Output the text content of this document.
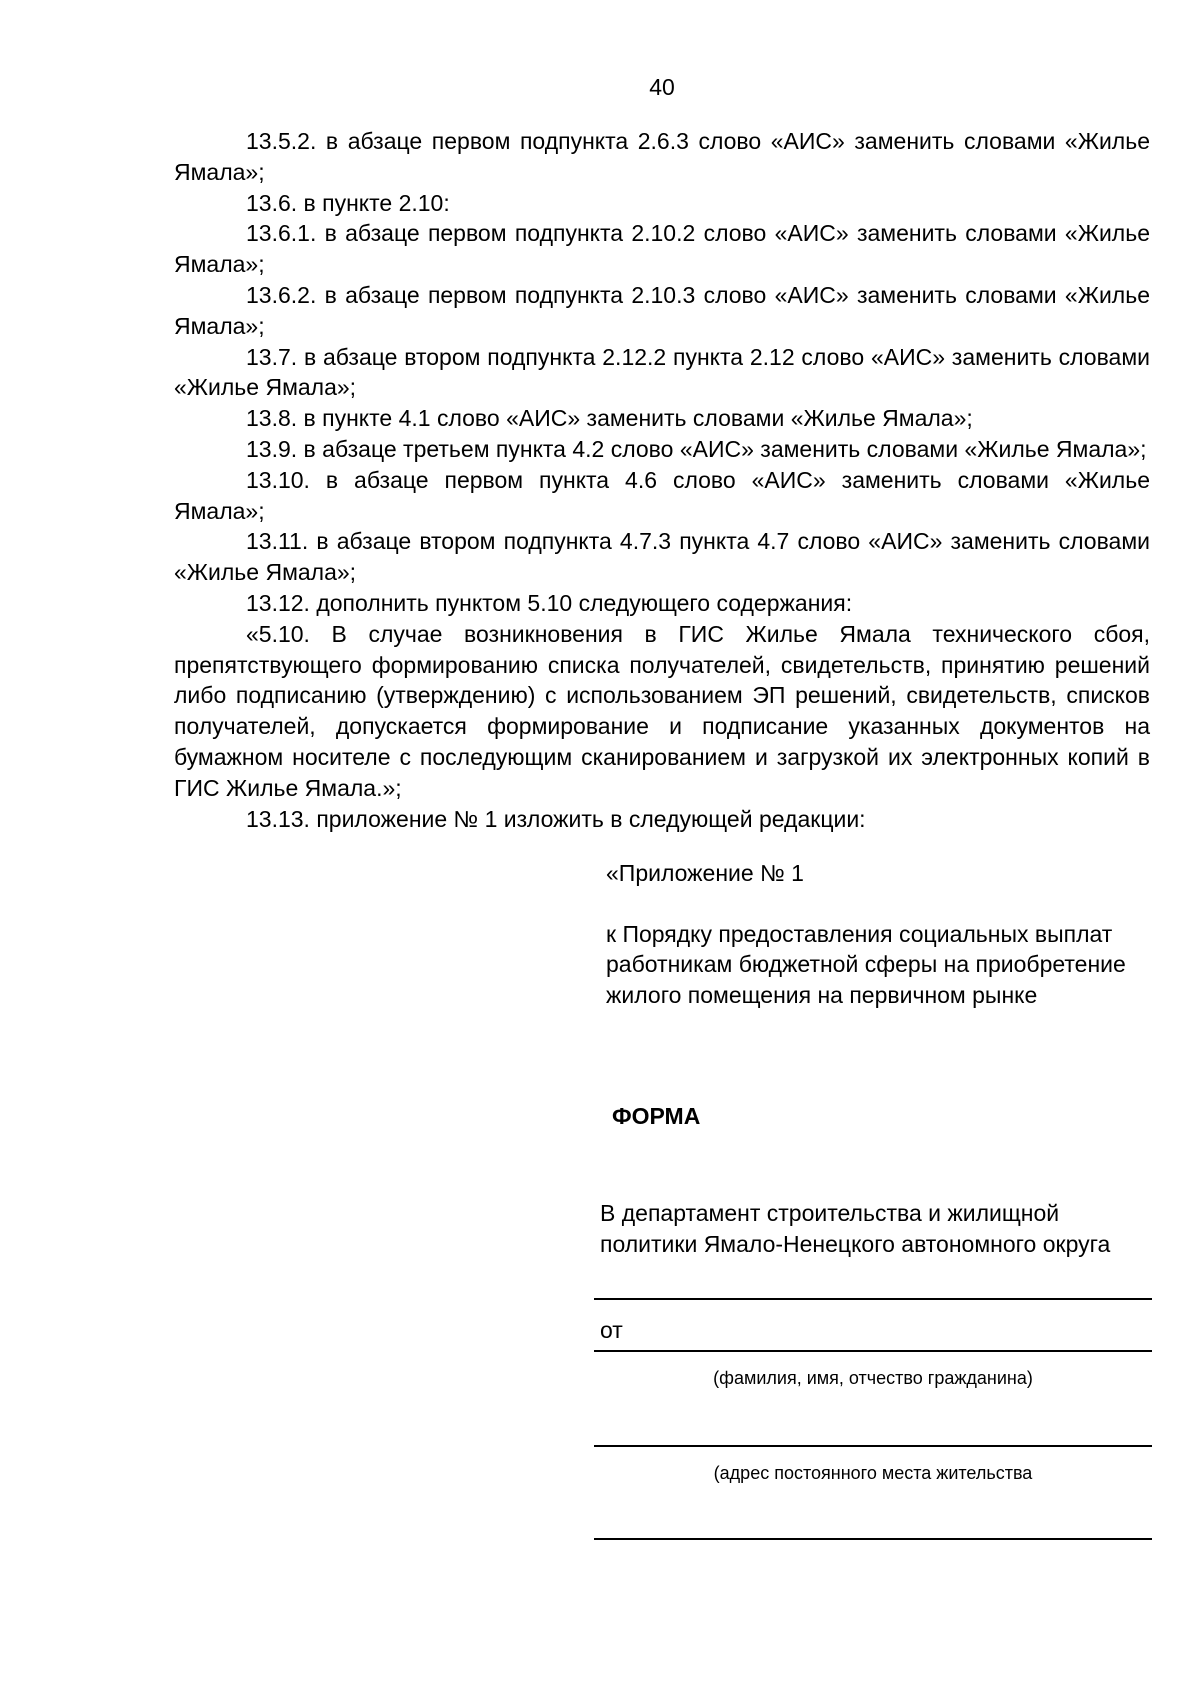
40

13.5.2. в абзаце первом подпункта 2.6.3 слово «АИС» заменить словами «Жилье Ямала»;

13.6. в пункте 2.10:

13.6.1. в абзаце первом подпункта 2.10.2 слово «АИС» заменить словами «Жилье Ямала»;

13.6.2. в абзаце первом подпункта 2.10.3 слово «АИС» заменить словами «Жилье Ямала»;

13.7. в абзаце втором подпункта 2.12.2 пункта 2.12 слово «АИС» заменить словами «Жилье Ямала»;

13.8. в пункте 4.1 слово «АИС» заменить словами «Жилье Ямала»;

13.9. в абзаце третьем пункта 4.2 слово «АИС» заменить словами «Жилье Ямала»;

13.10. в абзаце первом пункта 4.6 слово «АИС» заменить словами «Жилье Ямала»;

13.11. в абзаце втором подпункта 4.7.3 пункта 4.7 слово «АИС» заменить словами «Жилье Ямала»;

13.12. дополнить пунктом 5.10 следующего содержания:

«5.10. В случае возникновения в ГИС Жилье Ямала технического сбоя, препятствующего формированию списка получателей, свидетельств, принятию решений либо подписанию (утверждению) с использованием ЭП решений, свидетельств, списков получателей, допускается формирование и подписание указанных документов на бумажном носителе с последующим сканированием и загрузкой их электронных копий в ГИС Жилье Ямала.»;

13.13. приложение № 1 изложить в следующей редакции:

«Приложение № 1

к Порядку предоставления социальных выплат работникам бюджетной сферы на приобретение жилого помещения на первичном рынке

ФОРМА
В департамент строительства и жилищной политики Ямало-Ненецкого автономного округа
от
(фамилия, имя, отчество гражданина)
(адрес постоянного места жительства
